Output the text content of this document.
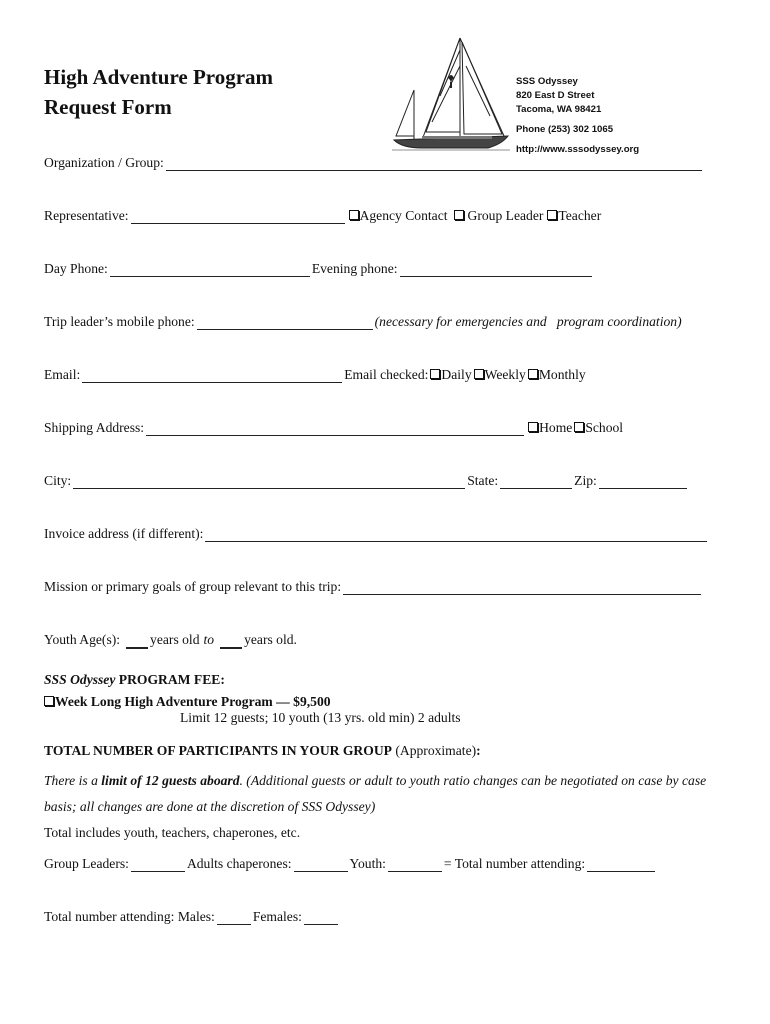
High Adventure Program
Request Form
SSS Odyssey
820 East D Street
Tacoma, WA 98421
Phone (253) 302 1065
http://www.sssodyssey.org
Organization / Group:
Representative:	Agency Contact Group Leader Teacher
Day Phone:	Evening phone:
Trip leader’s mobile phone:	(necessary for emergencies and   program coordination)
Email:	Email checked: Daily Weekly Monthly
Shipping Address:	Home School
City:	State:	Zip:
Invoice address (if different):
Mission or primary goals of group relevant to this trip:
Youth Age(s): years old to years old.
SSS Odyssey PROGRAM FEE:
Week Long High Adventure Program — $9,500
Limit 12 guests; 10 youth (13 yrs. old min) 2 adults
TOTAL NUMBER OF PARTICIPANTS IN YOUR GROUP (Approximate):
There is a limit of 12 guests aboard. (Additional guests or adult to youth ratio changes can be negotiated on case by case
basis; all changes are done at the discretion of SSS Odyssey)
Total includes youth, teachers, chaperones, etc.
Group Leaders:	Adults chaperones:	Youth:	= Total number attending:
Total number attending: Males:	Females:
